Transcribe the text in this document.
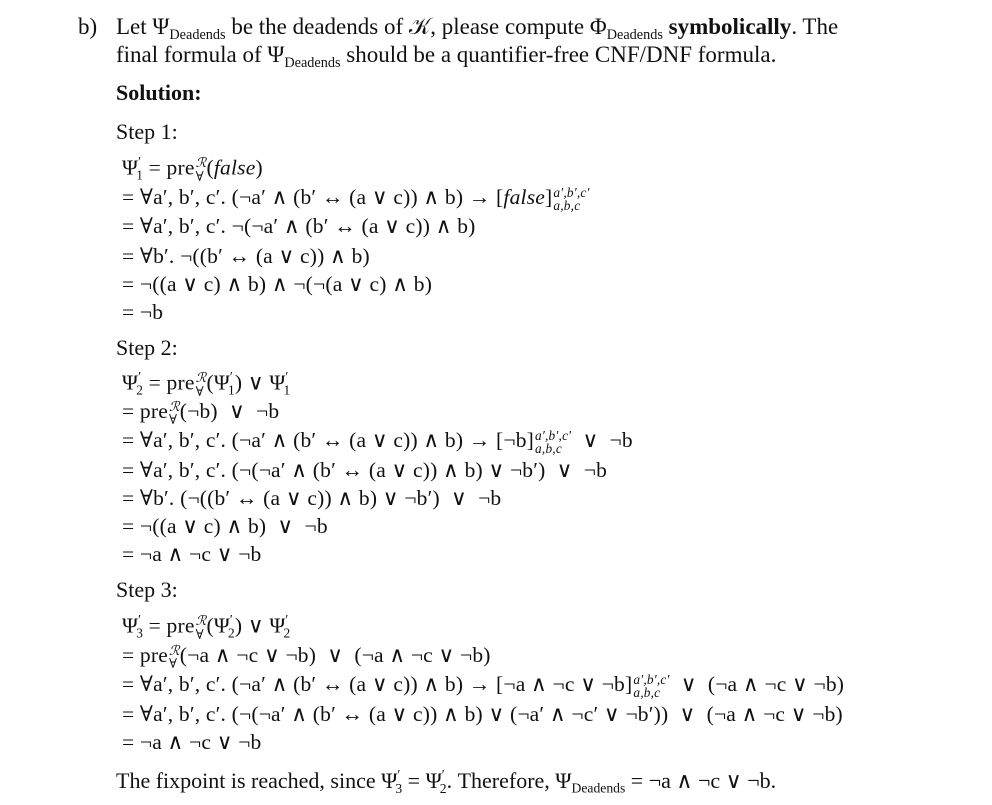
b) Let $\Psi_{Deadends}$ be the deadends of 𝒦, please compute $\Phi_{Deadends}$ symbolically. The
final formula of $\Psi_{Deadends}$ should be a quantifier-free CNF/DNF formula.
Solution:
Step 1:
$\Psi'_1$ = pre ℛ
∀ (false)
= ∀a′, b′, c′. (¬a′ ∧ (b′ ↔ (a ∨ c)) ∧ b) → [false] a′,b′,c′
a,b,c
= ∀a′, b′, c′. ¬(¬a′ ∧ (b′ ↔ (a ∨ c)) ∧ b)
= ∀b′. ¬((b′ ↔ (a ∨ c)) ∧ b)
= ¬((a ∨ c) ∧ b) ∧ ¬(¬(a ∨ c) ∧ b)
= ¬b
Step 2:
$\Psi'_2$ = pre ℛ
∀ $(\Psi'_1)$ ∨ $\Psi'_1$
= pre ℛ
∀ (¬b)  ∨  ¬b
= ∀a′, b′, c′. (¬a′ ∧ (b′ ↔ (a ∨ c)) ∧ b) → [¬b] a′,b′,c′
a,b,c ∨  ¬b
= ∀a′, b′, c′. (¬(¬a′ ∧ (b′ ↔ (a ∨ c)) ∧ b) ∨ ¬b′)  ∨  ¬b
= ∀b′. (¬((b′ ↔ (a ∨ c)) ∧ b) ∨ ¬b′)  ∨  ¬b
= ¬((a ∨ c) ∧ b)  ∨  ¬b
= ¬a ∧ ¬c ∨ ¬b
Step 3:
$\Psi'_3$ = pre ℛ
∀ $(\Psi'_2)$ ∨ $\Psi'_2$
= pre ℛ
∀ (¬a ∧ ¬c ∨ ¬b)  ∨  (¬a ∧ ¬c ∨ ¬b)
= ∀a′, b′, c′. (¬a′ ∧ (b′ ↔ (a ∨ c)) ∧ b) → [¬a ∧ ¬c ∨ ¬b] a′,b′,c′
a,b,c ∨  (¬a ∧ ¬c ∨ ¬b)
= ∀a′, b′, c′. (¬(¬a′ ∧ (b′ ↔ (a ∨ c)) ∧ b) ∨ (¬a′ ∧ ¬c′ ∨ ¬b′))  ∨  (¬a ∧ ¬c ∨ ¬b)
= ¬a ∧ ¬c ∨ ¬b
The fixpoint is reached, since $\Psi'_3 = \Psi'_2$. Therefore, $\Psi_{Deadends}$ = ¬a ∧ ¬c ∨ ¬b.
